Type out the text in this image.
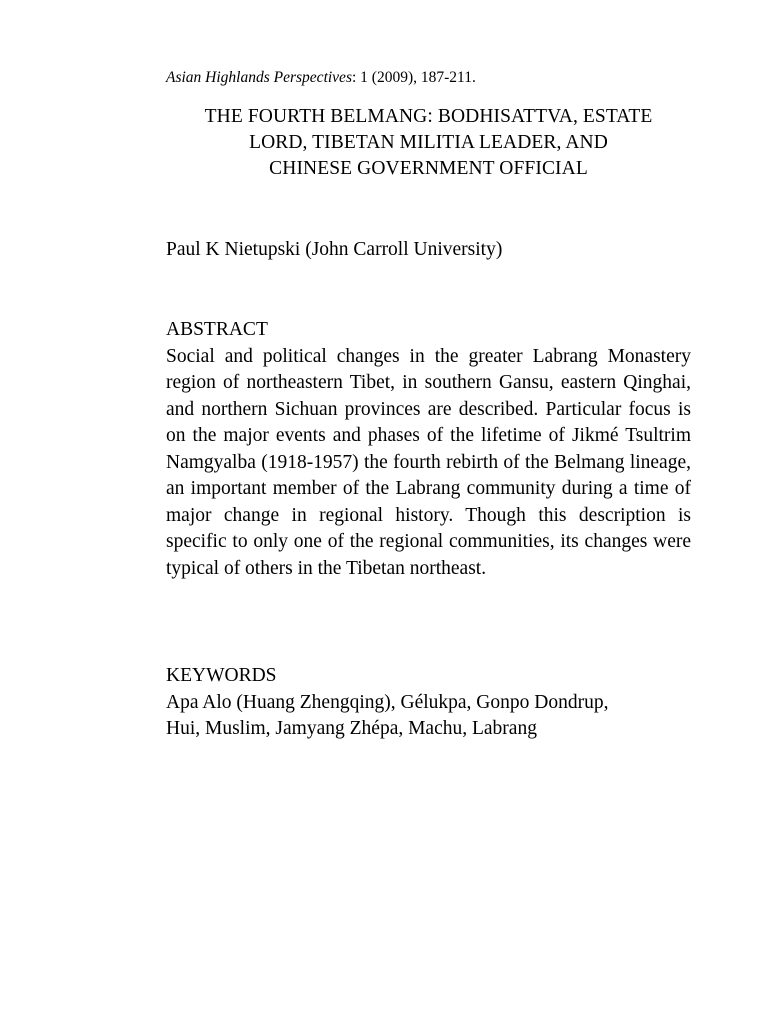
Asian Highlands Perspectives: 1 (2009), 187-211.
THE FOURTH BELMANG: BODHISATTVA, ESTATE
LORD, TIBETAN MILITIA LEADER, AND
CHINESE GOVERNMENT OFFICIAL
Paul K Nietupski (John Carroll University)
ABSTRACT
Social and political changes in the greater Labrang Monastery region of northeastern Tibet, in southern Gansu, eastern Qinghai, and northern Sichuan provinces are described. Particular focus is on the major events and phases of the lifetime of Jikmé Tsultrim Namgyalba (1918-1957) the fourth rebirth of the Belmang lineage, an important member of the Labrang community during a time of major change in regional history. Though this description is specific to only one of the regional communities, its changes were typical of others in the Tibetan northeast.
KEYWORDS
Apa Alo (Huang Zhengqing), Gélukpa, Gonpo Dondrup,
Hui, Muslim, Jamyang Zhépa, Machu, Labrang
